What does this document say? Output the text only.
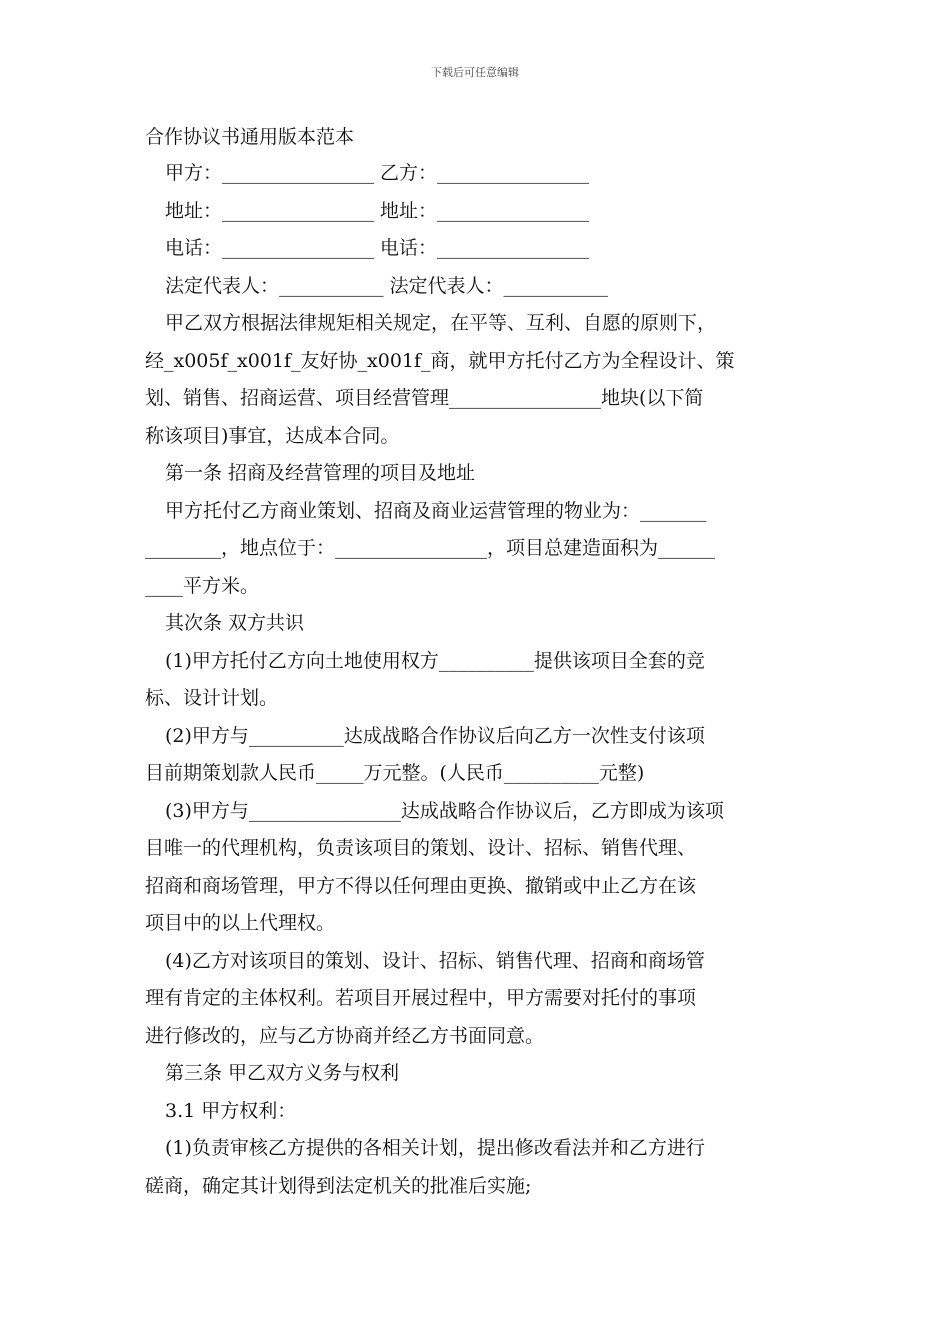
下载后可任意编辑
合作协议书通用版本范本
甲方：________________ 乙方：________________
地址：________________ 地址：________________
电话：________________ 电话：________________
法定代表人：___________ 法定代表人：___________
甲乙双方根据法律规矩相关规定，在平等、互利、自愿的原则下，
经_x005f_x001f_友好协_x001f_商，就甲方托付乙方为全程设计、策
划、销售、招商运营、项目经营管理________________地块(以下简
称该项目)事宜，达成本合同。
第一条 招商及经营管理的项目及地址
甲方托付乙方商业策划、招商及商业运营管理的物业为：_______
________，地点位于：________________，项目总建造面积为______
____平方米。
其次条 双方共识
(1)甲方托付乙方向土地使用权方__________提供该项目全套的竞
标、设计计划。
(2)甲方与__________达成战略合作协议后向乙方一次性支付该项
目前期策划款人民币_____万元整。(人民币__________元整)
(3)甲方与________________达成战略合作协议后，乙方即成为该项
目唯一的代理机构，负责该项目的策划、设计、招标、销售代理、
招商和商场管理，甲方不得以任何理由更换、撤销或中止乙方在该
项目中的以上代理权。
(4)乙方对该项目的策划、设计、招标、销售代理、招商和商场管
理有肯定的主体权利。若项目开展过程中，甲方需要对托付的事项
进行修改的，应与乙方协商并经乙方书面同意。
第三条 甲乙双方义务与权利
3.1 甲方权利：
(1)负责审核乙方提供的各相关计划，提出修改看法并和乙方进行
磋商，确定其计划得到法定机关的批准后实施;
